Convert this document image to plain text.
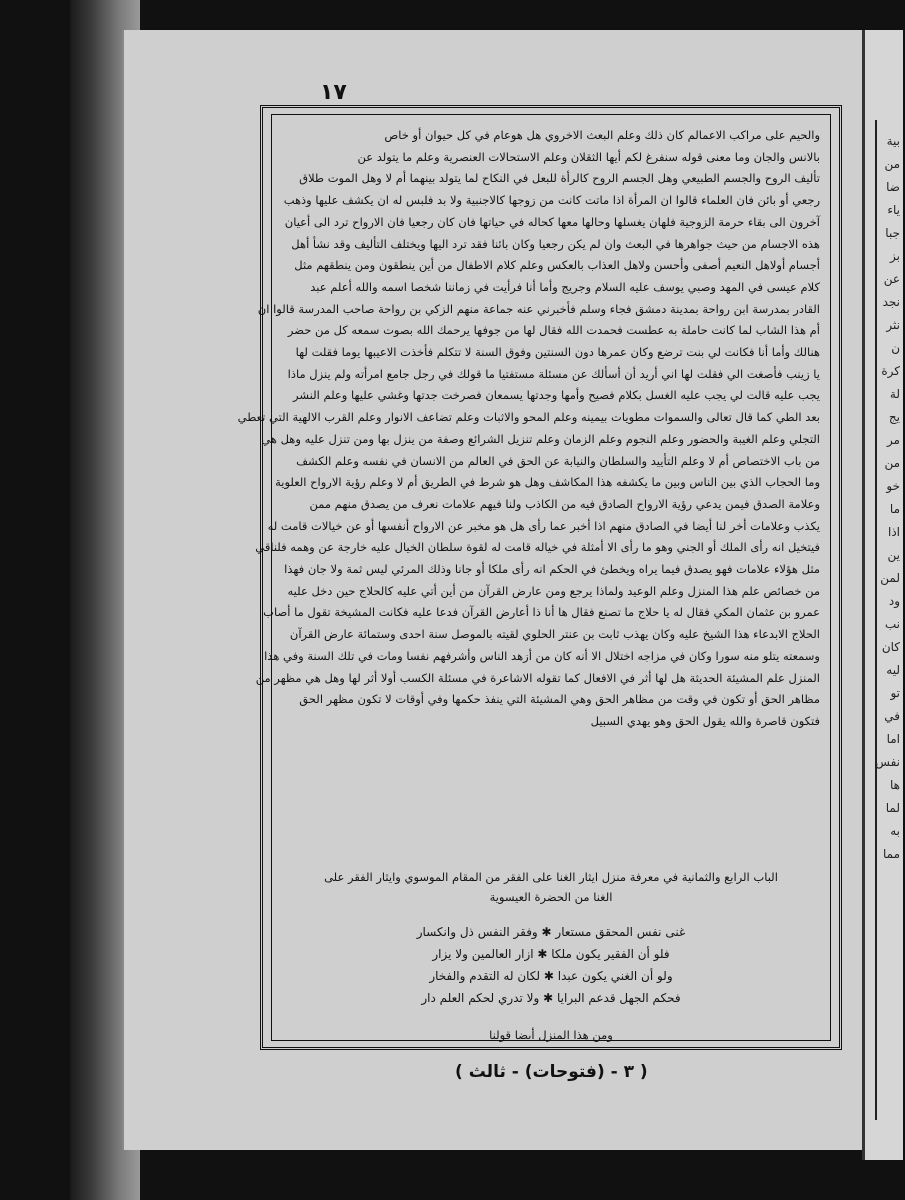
بية
من
ضا
ياء
جبا
بز
عن
نجد
نثر
ن
كرة
لة
يج
مر
من
خو
ما
اذا
ين
لمن
ود
نب
كان
ليه
تو
في
اما
نفس
ها
لما
به
مما
١٧
والحيم على مراكب الاعمالم كان ذلك وعلم البعث الاخروي هل هوعام في كل حيوان أو خاص
بالانس والجان وما معنى قوله سنفرغ لكم أيها الثقلان وعلم الاستحالات العنصرية وعلم ما يتولد عن
تأليف الروح والجسم الطبيعي وهل الجسم الروح كالرأة للبعل في النكاح لما يتولد بينهما أم لا وهل الموت طلاق
رجعي أو بائن فان العلماء قالوا ان المرأة اذا ماتت كانت من زوجها كالاجنبية ولا بد فلبس له ان يكشف عليها وذهب
آخرون الى بقاء حرمة الزوجية فلهان يغسلها وحالها معها كحاله في حياتها فان كان رجعيا فان الارواح ترد الى أعيان
هذه الاجسام من حيث جواهرها في البعث وان لم يكن رجعيا وكان بائنا فقد ترد اليها ويختلف التأليف وقد نشأ أهل
أجسام أولاهل النعيم أصفى وأحسن ولاهل العذاب بالعكس وعلم كلام الاطفال من أين ينطقون ومن ينطقهم مثل
كلام عيسى في المهد وصبي يوسف عليه السلام وجريج وأما أنا فرأيت في زماننا شخصا اسمه والله أعلم عبد
القادر بمدرسة ابن رواحة بمدينة دمشق فجاء وسلم فأخبرني عنه جماعة منهم الزكي بن رواحة صاحب المدرسة قالوا ان
أم هذا الشاب لما كانت حاملة به عطست فحمدت الله فقال لها من جوفها يرحمك الله بصوت سمعه كل من حضر
هنالك وأما أنا فكانت لي بنت ترضع وكان عمرها دون السنتين وفوق السنة لا تتكلم فأخذت الاعيبها يوما فقلت لها
يا زينب فأصغت الي فقلت لها اني أريد أن أسألك عن مسئلة مستفتيا ما قولك في رجل جامع امرأته ولم ينزل ماذا
يجب عليه قالت لي يجب عليه الغسل بكلام فصيح وأمها وجدتها يسمعان فصرخت جدتها وغشي عليها وعلم النشر
بعد الطي كما قال تعالى والسموات مطويات بيمينه وعلم المحو والاثبات وعلم تضاعف الانوار وعلم القرب الالهية التي تعطي
التجلي وعلم الغيبة والحضور وعلم النجوم وعلم الزمان وعلم تنزيل الشرائع وصفة من ينزل بها ومن تنزل عليه وهل هي
من باب الاختصاص أم لا وعلم التأييد والسلطان والنيابة عن الحق في العالم من الانسان في نفسه وعلم الكشف
وما الحجاب الذي بين الناس وبين ما يكشفه هذا المكاشف وهل هو شرط في الطريق أم لا وعلم رؤية الارواح العلوية
وعلامة الصدق فيمن يدعي رؤية الارواح الصادق فيه من الكاذب ولنا فيهم علامات نعرف من يصدق منهم ممن
يكذب وعلامات أخر لنا أيضا في الصادق منهم اذا أخبر عما رأى هل هو مخبر عن الارواح أنفسها أو عن خيالات قامت له
فيتخيل انه رأى الملك أو الجني وهو ما رأى الا أمثلة في خياله قامت له لقوة سلطان الخيال عليه خارجة عن وهمه فلناقي
مثل هؤلاء علامات فهو يصدق فيما يراه ويخطئ في الحكم انه رأى ملكا أو جانا وذلك المرئي ليس ثمة ولا جان فهذا
من خصائص علم هذا المنزل وعلم الوعيد ولماذا يرجع ومن عارض القرآن من أين أتي عليه كالحلاج حين دخل عليه
عمرو بن عثمان المكي فقال له يا حلاج ما تصنع فقال ها أنا ذا أعارض القرآن فدعا عليه فكانت المشيخة تقول ما أصاب
الحلاج الابدعاء هذا الشيخ عليه وكان يهذب ثابت بن عنتر الحلوي لقيته بالموصل سنة احدى وستمائة عارض القرآن
وسمعته يتلو منه سورا وكان في مزاجه اختلال الا أنه كان من أزهد الناس وأشرفهم نفسا ومات في تلك السنة وفي هذا
المنزل علم المشيئة الحديثة هل لها أثر في الافعال كما تقوله الاشاعرة في مسئلة الكسب أولا أثر لها وهل هي مظهر من
مظاهر الحق أو تكون في وقت من مظاهر الحق وهي المشيئة التي ينفذ حكمها وفي أوقات لا تكون مظهر الحق
فتكون قاصرة والله يقول الحق وهو يهدي السبيل
الباب الرابع والثمانية في معرفة منزل ايثار الغنا على الفقر من المقام الموسوي وايثار الفقر على
الغنا من الحضرة العيسوية
غنى نفس المحقق مستعار ✱ وفقر النفس ذل وانكسار
فلو أن الفقير يكون ملكا ✱ ازار العالمين ولا يزار
ولو أن الغني يكون عبدا ✱ لكان له التقدم والفخار
فحكم الجهل قدعم البرايا ✱ ولا تدري لحكم العلم دار
ومن هذا المنزل أيضا قولنا
( ٣ - (فتوحات) - ثالث )
